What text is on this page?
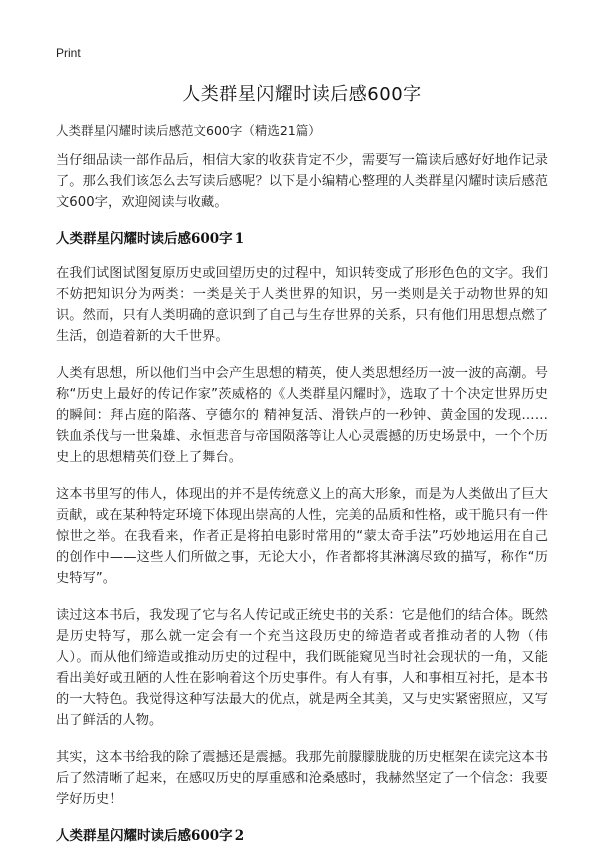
Print
人类群星闪耀时读后感600字
人类群星闪耀时读后感范文600字（精选21篇）

当仔细品读一部作品后，相信大家的收获肯定不少，需要写一篇读后感好好地作记录了。那么我们该怎么去写读后感呢？以下是小编精心整理的人类群星闪耀时读后感范文600字，欢迎阅读与收藏。

人类群星闪耀时读后感600字 1

在我们试图试图复原历史或回望历史的过程中，知识转变成了形形色色的文字。我们不妨把知识分为两类：一类是关于人类世界的知识，另一类则是关于动物世界的知识。然而，只有人类明确的意识到了自己与生存世界的关系，只有他们用思想点燃了生活，创造着新的大千世界。

人类有思想，所以他们当中会产生思想的精英，使人类思想经历一波一波的高潮。号称“历史上最好的传记作家”茨威格的《人类群星闪耀时》，选取了十个决定世界历史的瞬间：拜占庭的陷落、亨德尔的 精神复活、滑铁卢的一秒钟、黄金国的发现……铁血杀伐与一世枭雄、永恒悲音与帝国陨落等让人心灵震撼的历史场景中，一个个历史上的思想精英们登上了舞台。

这本书里写的伟人，体现出的并不是传统意义上的高大形象，而是为人类做出了巨大贡献，或在某种特定环境下体现出崇高的人性，完美的品质和性格，或干脆只有一件惊世之举。在我看来，作者正是将拍电影时常用的“蒙太奇手法”巧妙地运用在自己的创作中——这些人们所做之事，无论大小，作者都将其淋漓尽致的描写，称作“历史特写”。

读过这本书后，我发现了它与名人传记或正统史书的关系：它是他们的结合体。既然是历史特写，那么就一定会有一个充当这段历史的缔造者或者推动者的人物（伟人）。而从他们缔造或推动历史的过程中，我们既能窥见当时社会现状的一角，又能看出美好或丑陋的人性在影响着这个历史事件。有人有事，人和事相互衬托，是本书的一大特色。我觉得这种写法最大的优点，就是两全其美，又与史实紧密照应，又写出了鲜活的人物。

其实，这本书给我的除了震撼还是震撼。我那先前朦朦胧胧的历史框架在读完这本书后了然清晰了起来，在感叹历史的厚重感和沧桑感时，我赫然坚定了一个信念：我要学好历史！

人类群星闪耀时读后感600字 2
